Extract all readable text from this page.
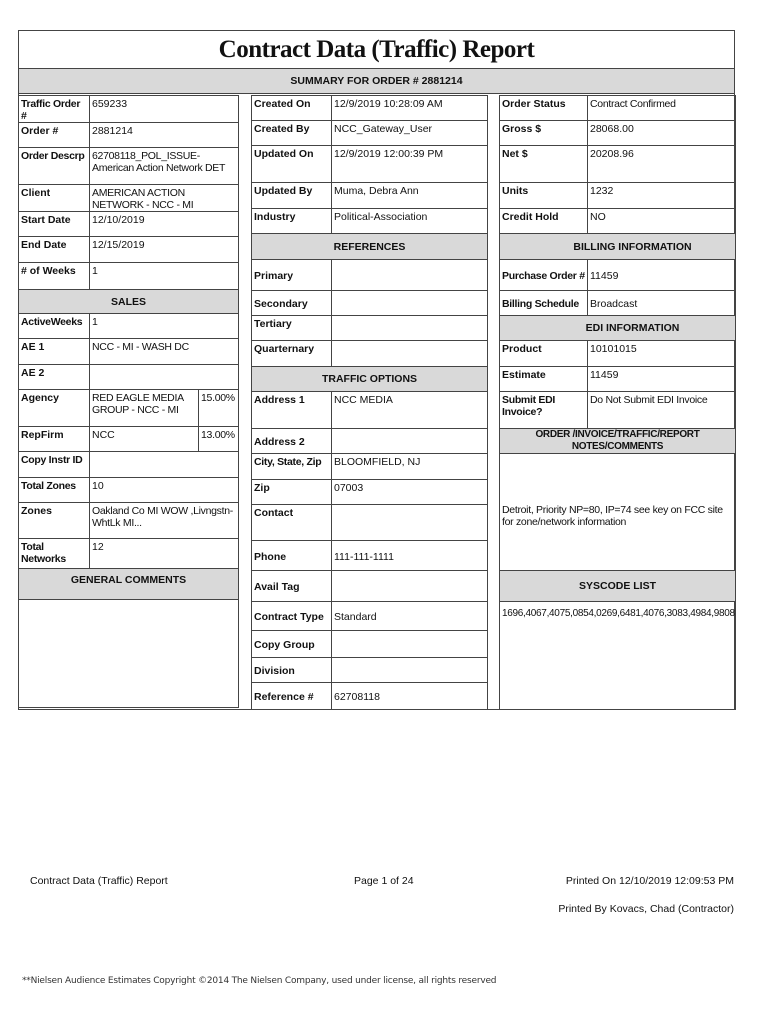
Contract Data (Traffic) Report
SUMMARY FOR ORDER # 2881214
Traffic Order #	659233
Order #	2881214
Order Descrp	62708118_POL_ISSUE- American Action Network DET
Client	AMERICAN ACTION NETWORK - NCC - MI

Start Date	12/10/2019
End Date	12/15/2019
# of Weeks	1
SALES	
ActiveWeeks	1
AE 1	NCC - MI - WASH DC
AE 2	
Agency	RED EAGLE MEDIA GROUP - NCC - MI	15.00%
RepFirm	NCC	13.00%
Copy Instr ID	
Total Zones	10
Zones	Oakland Co MI WOW ,Livngstn-WhtLk MI...
Total Networks	12
GENERAL COMMENTS	

Created On	12/9/2019 10:28:09 AM
Created By	NCC_Gateway_User
Updated On	12/9/2019 12:00:39 PM
Updated By	Muma, Debra Ann
Industry	Political-Association
REFERENCES	
Primary	
Secondary	
Tertiary	
Quarternary	
TRAFFIC OPTIONS	
Address 1	NCC MEDIA
Address 2	
City, State, Zip	BLOOMFIELD, NJ
Zip	07003
Contact	
Phone	111-111-1111
Avail Tag	
Contract Type	Standard
Copy Group	
Division	
Reference #	62708118
Order Status	Contract Confirmed
Gross $	28068.00
Net $	20208.96
Units	1232
Credit Hold	NO
BILLING INFORMATION	
Purchase Order #	11459
Billing Schedule	Broadcast
EDI INFORMATION	
Product	10101015
Estimate	11459
Submit EDI Invoice?	Do Not Submit EDI Invoice
ORDER /INVOICE/TRAFFIC/REPORT NOTES/COMMENTS	
Detroit, Priority NP=80, IP=74 see key on FCC site for zone/network information	
SYSCODE LIST	
1696,4067,4075,0854,0269,6481,4076,3083,4984,9808	
Contract Data (Traffic) Report	Page 1 of 24	Printed On 12/10/2019 12:09:53 PM
Printed By Kovacs, Chad (Contractor)
**Nielsen Audience Estimates Copyright ©2014 The Nielsen Company, used under license, all rights reserved
